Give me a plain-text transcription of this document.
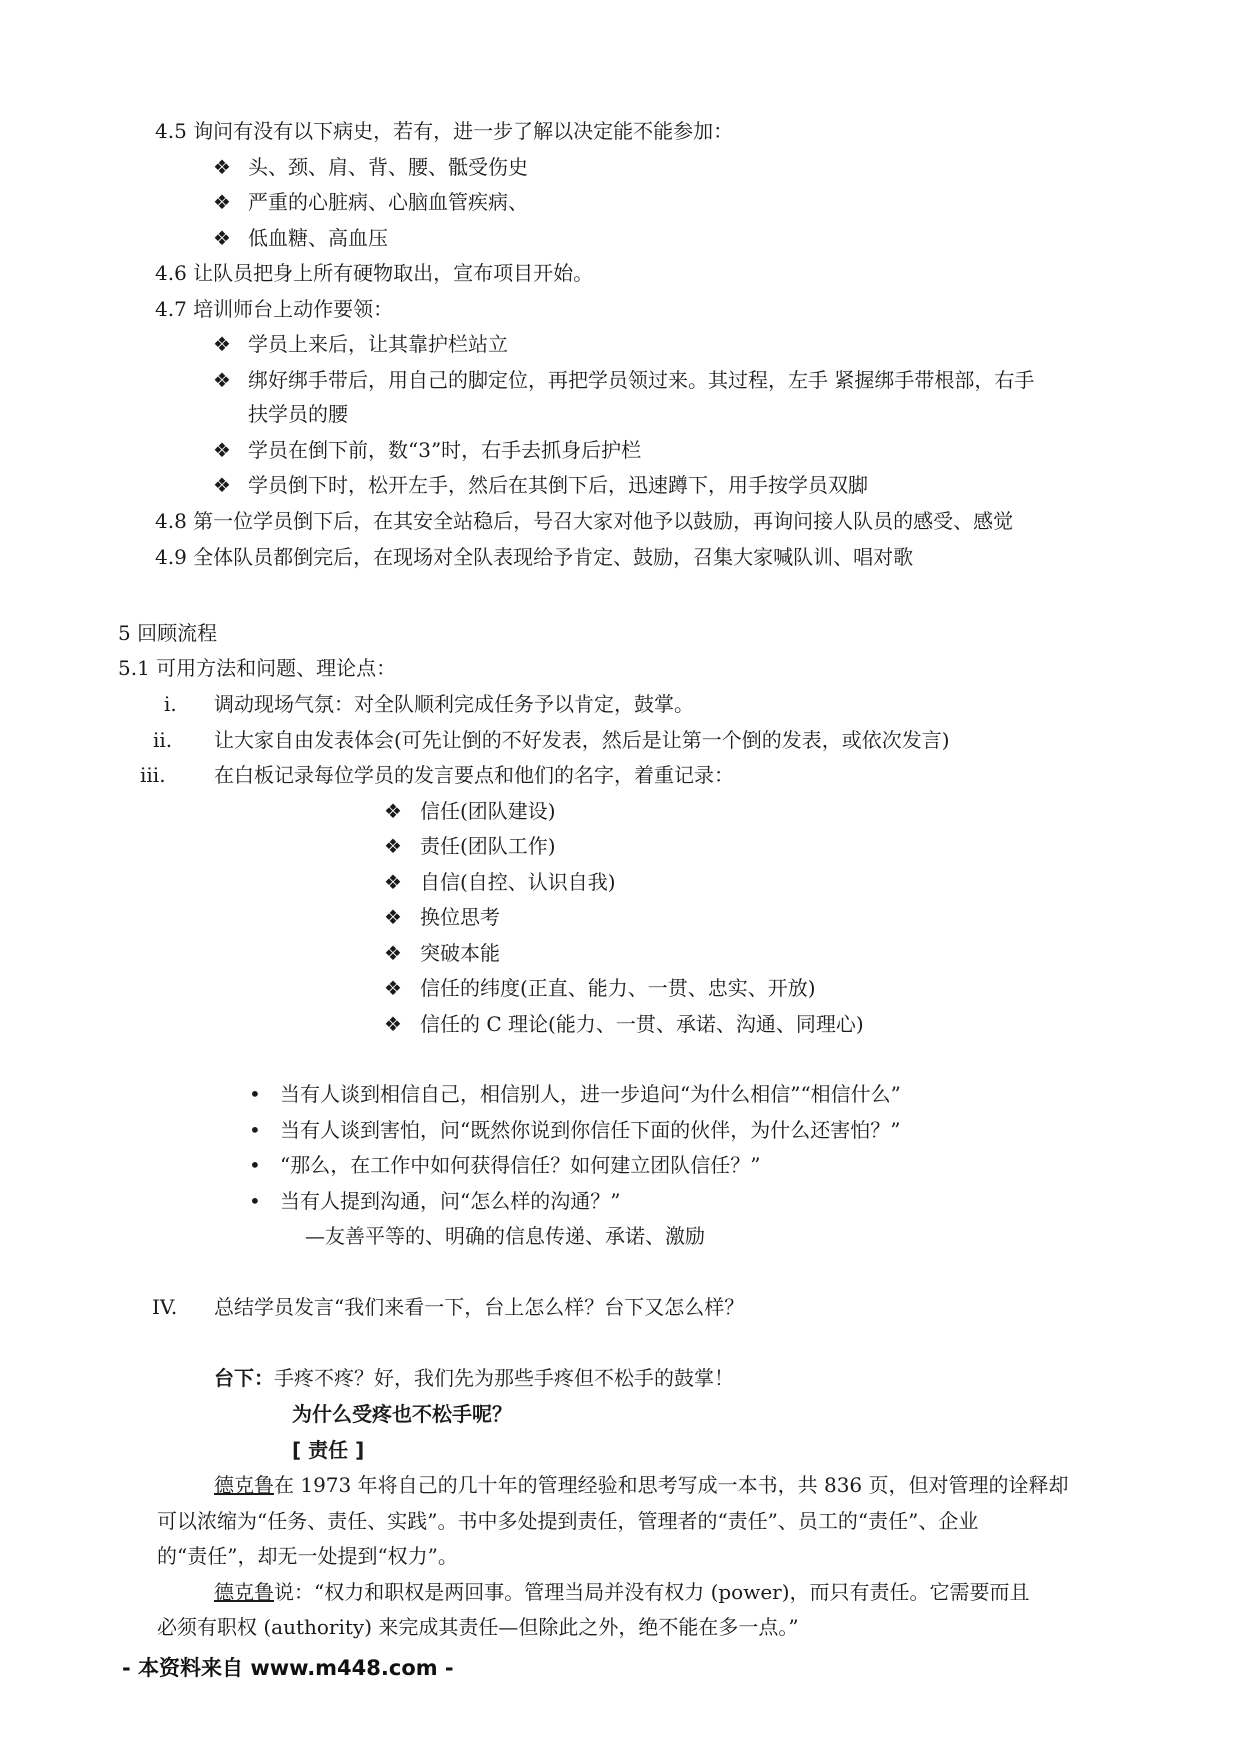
4.5 询问有没有以下病史，若有，进一步了解以决定能不能参加：
❖ 头、颈、肩、背、腰、骶受伤史
❖ 严重的心脏病、心脑血管疾病、
❖ 低血糖、高血压
4.6 让队员把身上所有硬物取出，宣布项目开始。
4.7 培训师台上动作要领：
❖ 学员上来后，让其靠护栏站立
❖ 绑好绑手带后，用自己的脚定位，再把学员领过来。其过程，左手 紧握绑手带根部，右手
扶学员的腰
❖ 学员在倒下前，数“3”时，右手去抓身后护栏
❖ 学员倒下时，松开左手，然后在其倒下后，迅速蹲下，用手按学员双脚
4.8 第一位学员倒下后，在其安全站稳后，号召大家对他予以鼓励，再询问接人队员的感受、感觉
4.9 全体队员都倒完后，在现场对全队表现给予肯定、鼓励，召集大家喊队训、唱对歌
5 回顾流程
5.1 可用方法和问题、理论点：
i. 调动现场气氛：对全队顺利完成任务予以肯定，鼓掌。
ii. 让大家自由发表体会(可先让倒的不好发表，然后是让第一个倒的发表，或依次发言)
iii. 在白板记录每位学员的发言要点和他们的名字，着重记录：
❖ 信任(团队建设)
❖ 责任(团队工作)
❖ 自信(自控、认识自我)
❖ 换位思考
❖ 突破本能
❖ 信任的纬度(正直、能力、一贯、忠实、开放)
❖ 信任的 C 理论(能力、一贯、承诺、沟通、同理心)
• 当有人谈到相信自己，相信别人，进一步追问“为什么相信”“相信什么”
• 当有人谈到害怕，问“既然你说到你信任下面的伙伴，为什么还害怕？”
• “那么，在工作中如何获得信任？如何建立团队信任？”
• 当有人提到沟通，问“怎么样的沟通？”
—友善平等的、明确的信息传递、承诺、激励
IV. 总结学员发言“我们来看一下，台上怎么样？台下又怎么样？
台下：手疼不疼？好，我们先为那些手疼但不松手的鼓掌！
为什么受疼也不松手呢？
[ 责任 ]
德克鲁在 1973 年将自己的几十年的管理经验和思考写成一本书，共 836 页，但对管理的诠释却
可以浓缩为“任务、责任、实践”。书中多处提到责任，管理者的“责任”、员工的“责任”、企业
的“责任”，却无一处提到“权力”。
德克鲁说：“权力和职权是两回事。管理当局并没有权力 (power)，而只有责任。它需要而且
必须有职权 (authority) 来完成其责任—但除此之外，绝不能在多一点。”
- 本资料来自 www.m448.com -
